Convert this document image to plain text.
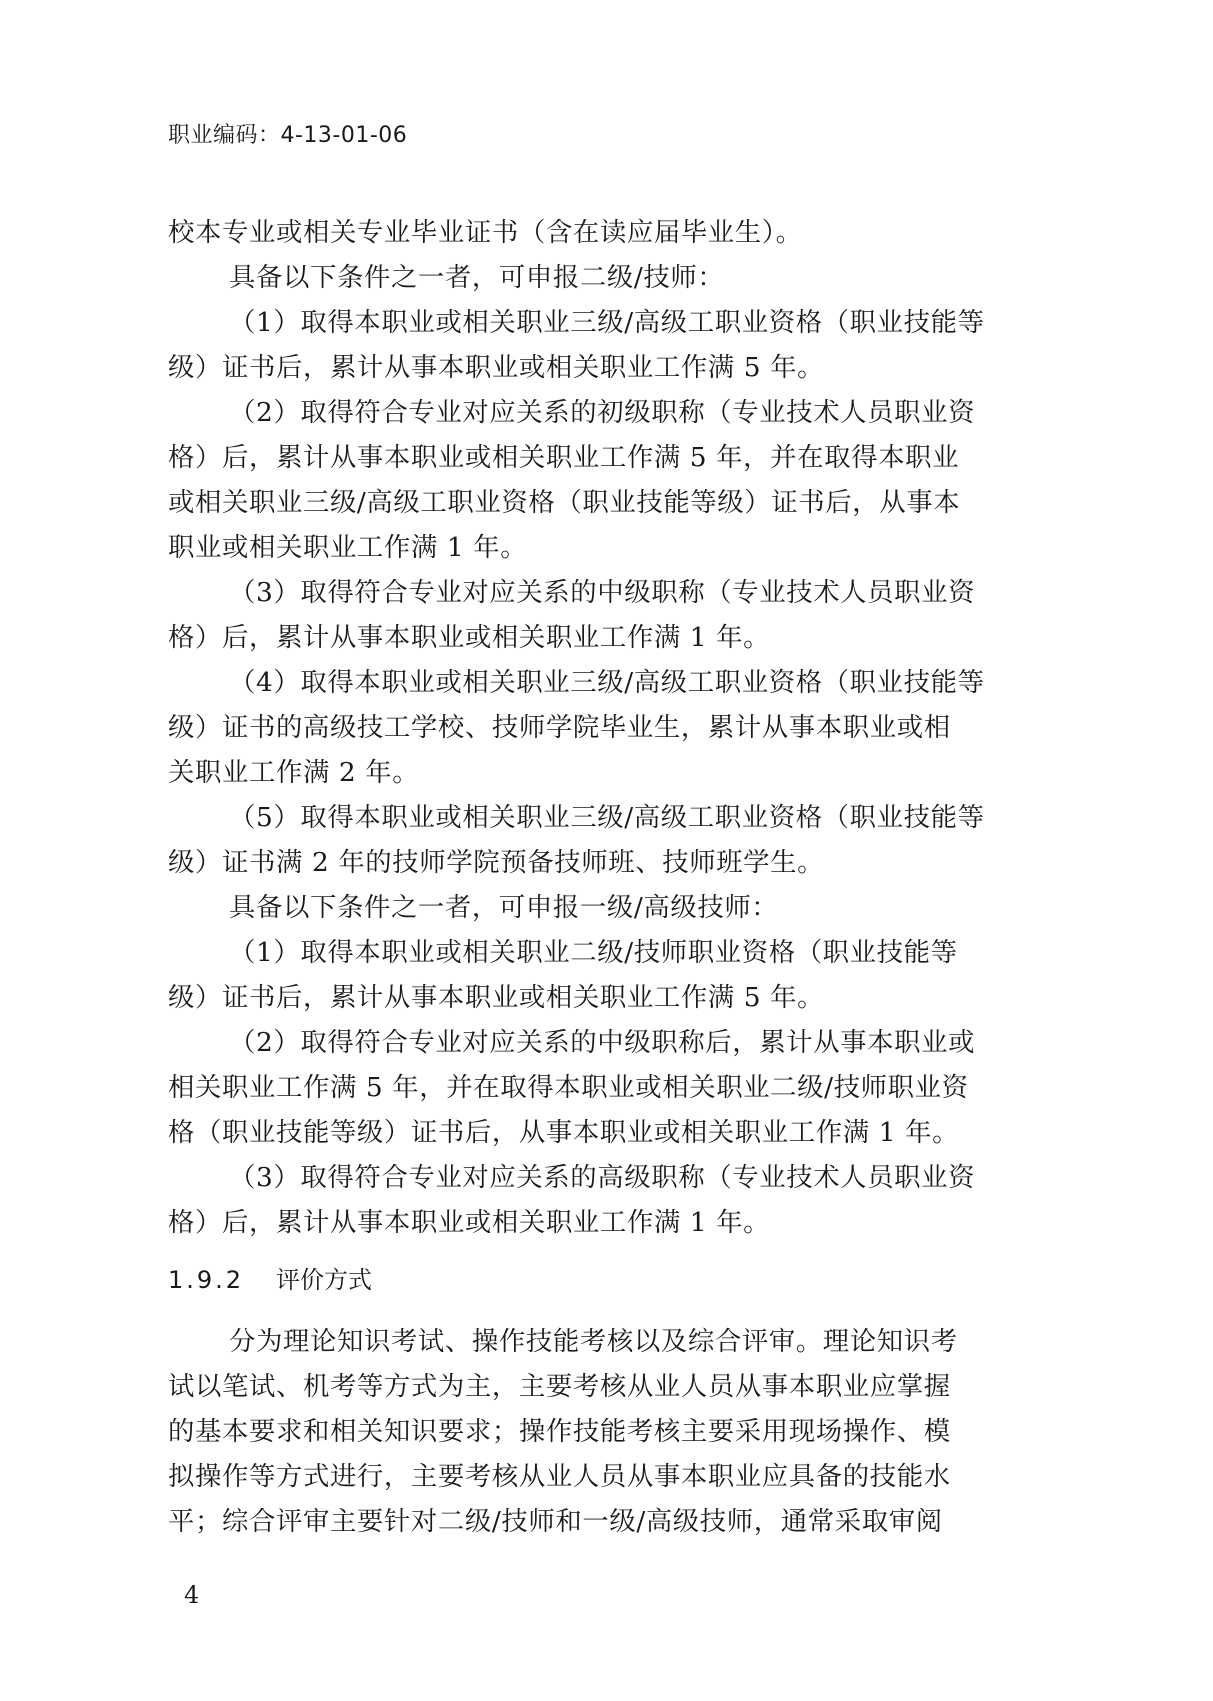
职业编码：4-13-01-06
校本专业或相关专业毕业证书（含在读应届毕业生）。
具备以下条件之一者，可申报二级/技师：
（1）取得本职业或相关职业三级/高级工职业资格（职业技能等
级）证书后，累计从事本职业或相关职业工作满 5 年。
（2）取得符合专业对应关系的初级职称（专业技术人员职业资
格）后，累计从事本职业或相关职业工作满 5 年，并在取得本职业
或相关职业三级/高级工职业资格（职业技能等级）证书后，从事本
职业或相关职业工作满 1 年。
（3）取得符合专业对应关系的中级职称（专业技术人员职业资
格）后，累计从事本职业或相关职业工作满 1 年。
（4）取得本职业或相关职业三级/高级工职业资格（职业技能等
级）证书的高级技工学校、技师学院毕业生，累计从事本职业或相
关职业工作满 2 年。
（5）取得本职业或相关职业三级/高级工职业资格（职业技能等
级）证书满 2 年的技师学院预备技师班、技师班学生。
具备以下条件之一者，可申报一级/高级技师：
（1）取得本职业或相关职业二级/技师职业资格（职业技能等
级）证书后，累计从事本职业或相关职业工作满 5 年。
（2）取得符合专业对应关系的中级职称后，累计从事本职业或
相关职业工作满 5 年，并在取得本职业或相关职业二级/技师职业资
格（职业技能等级）证书后，从事本职业或相关职业工作满 1 年。
（3）取得符合专业对应关系的高级职称（专业技术人员职业资
格）后，累计从事本职业或相关职业工作满 1 年。
1.9.2 评价方式
分为理论知识考试、操作技能考核以及综合评审。理论知识考
试以笔试、机考等方式为主，主要考核从业人员从事本职业应掌握
的基本要求和相关知识要求；操作技能考核主要采用现场操作、模
拟操作等方式进行，主要考核从业人员从事本职业应具备的技能水
平；综合评审主要针对二级/技师和一级/高级技师，通常采取审阅
4
